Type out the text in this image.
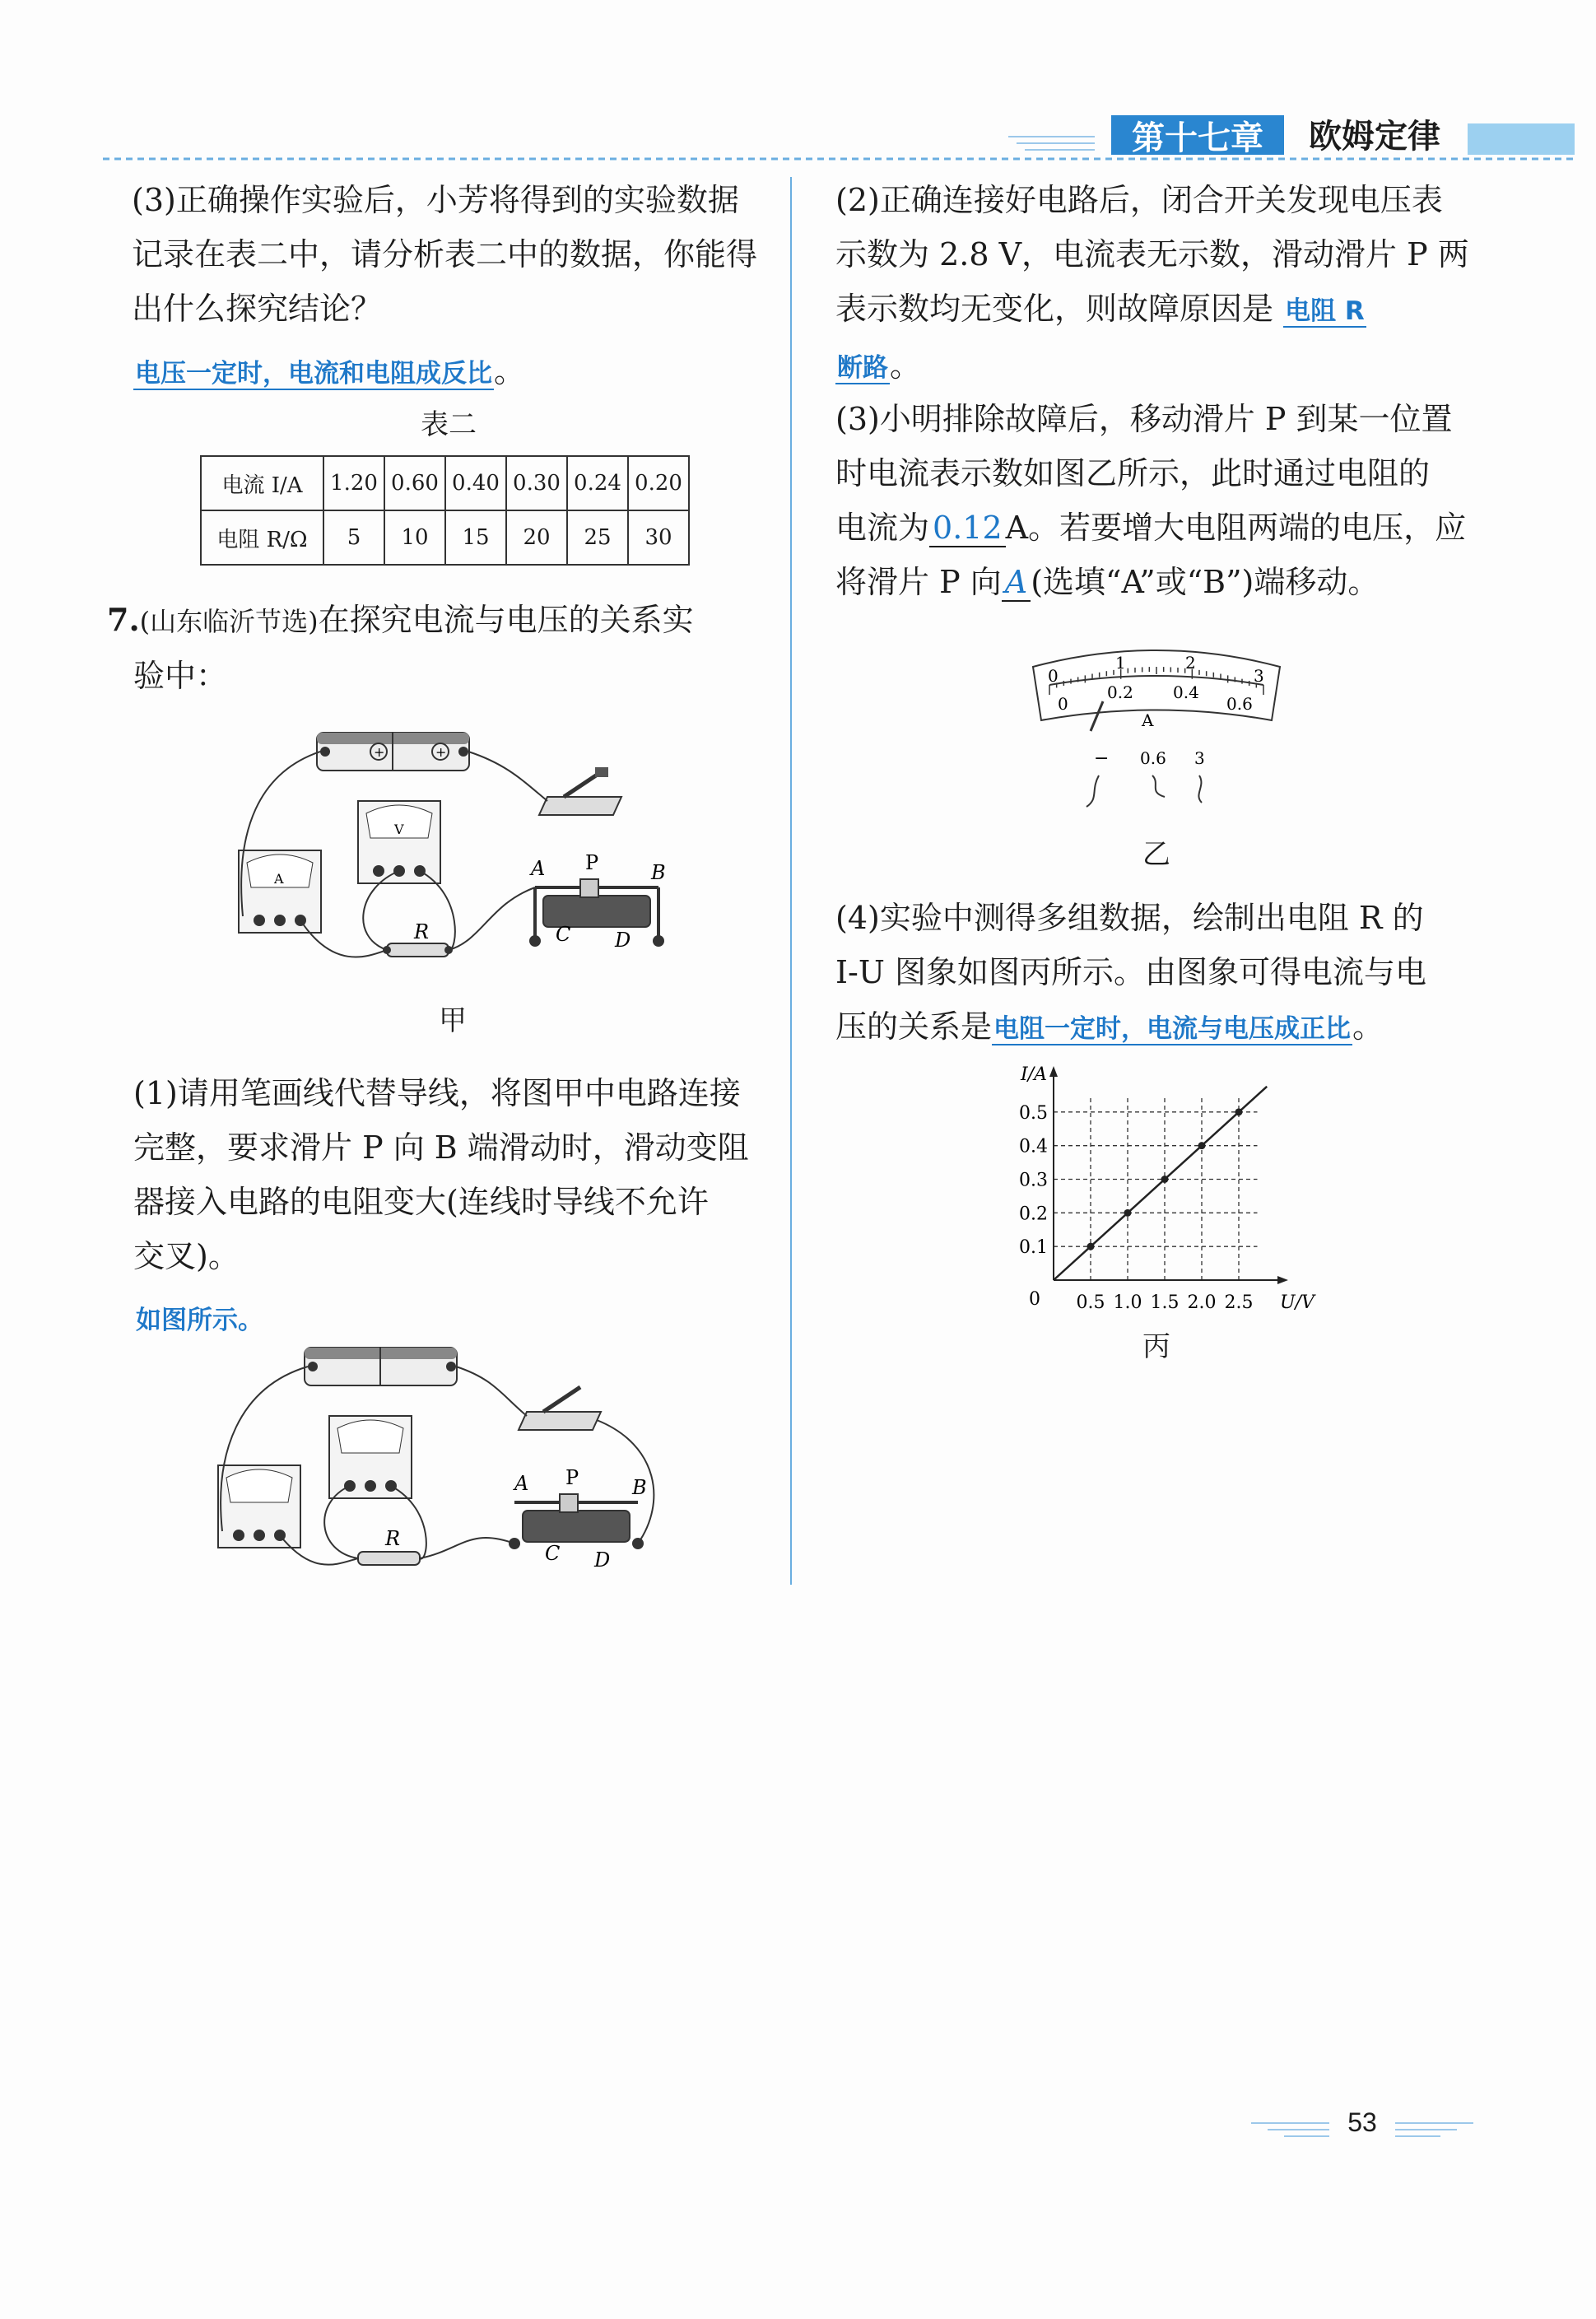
第十七章	欧姆定律
(3)正确操作实验后，小芳将得到的实验数据
记录在表二中，请分析表二中的数据，你能得
出什么探究结论？
电压一定时，电流和电阻成反比。
表二
电流 I/A	1.20	0.60	0.40	0.30	0.24	0.20
电阻 R/Ω	5	10	15	20	25	30
7.(山东临沂节选)在探究电流与电压的关系实
验中：
+	+
A
V
A P	B
C D
R
甲
(1)请用笔画线代替导线，将图甲中电路连接
完整，要求滑片 P 向 B 端滑动时，滑动变阻
器接入电路的电阻变大(连线时导线不允许
交叉)。
如图所示。
A P	B
C D
R
(2)正确连接好电路后，闭合开关发现电压表
示数为 2.8 V，电流表无示数，滑动滑片 P 两
表示数均无变化，则故障原因是 电阻 R
断路。
(3)小明排除故障后，移动滑片 P 到某一位置
时电流表示数如图乙所示，此时通过电阻的
电流为 0.12 A。若要增大电阻两端的电压，应
将滑片 P 向 A (选填“A”或“B”)端移动。
0
1	2
3
0
0.2 0.4
0.6
A
− 0.6 3
乙
(4)实验中测得多组数据，绘制出电阻 R 的
I-U 图象如图丙所示。由图象可得电流与电
压的关系是电阻一定时，电流与电压成正比。
I/A
U/V
0
0.1
0.2
0.3
0.4
0.5
0.5 1.0 1.5 2.0 2.5
丙
53
